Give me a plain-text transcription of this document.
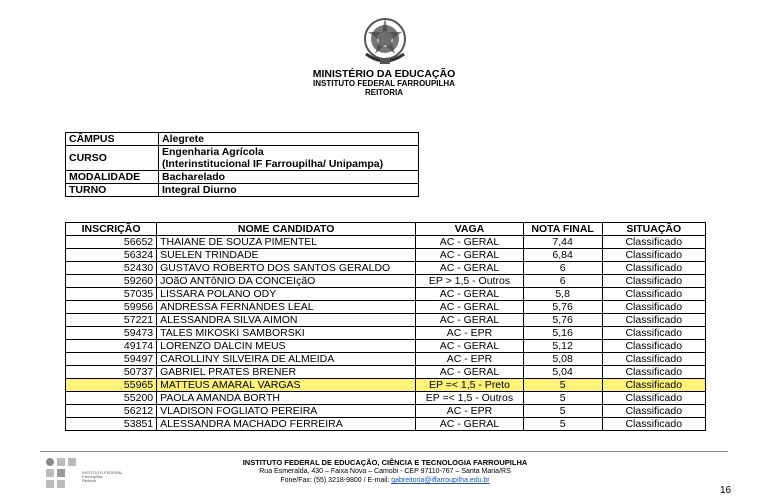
MINISTÉRIO DA EDUCAÇÃO
INSTITUTO FEDERAL FARROUPILHA
REITORIA
CÂMPUS	Alegrete
CURSO	Engenharia Agrícola
(Interinstitucional IF Farroupilha/ Unipampa)

MODALIDADE	Bacharelado
TURNO	Integral Diurno
INSCRIÇÃO	NOME CANDIDATO	VAGA	NOTA FINAL	SITUAÇÃO
56652	THAIANE DE SOUZA PIMENTEL	AC - GERAL	7,44	Classificado
56324	SUELEN TRINDADE	AC - GERAL	6,84	Classificado
52430	GUSTAVO ROBERTO DOS SANTOS GERALDO	AC - GERAL	6	Classificado
59260	JOãO ANTôNIO DA CONCEIçãO	EP > 1,5 - Outros	6	Classificado
57035	LISSARA POLANO ODY	AC - GERAL	5,8	Classificado
59956	ANDRESSA FERNANDES LEAL	AC - GERAL	5,76	Classificado
57221	ALESSANDRA SILVA AIMON	AC - GERAL	5,76	Classificado
59473	TALES MIKOSKI SAMBORSKI	AC - EPR	5,16	Classificado
49174	LORENZO DALCIN MEUS	AC - GERAL	5,12	Classificado
59497	CAROLLINY SILVEIRA DE ALMEIDA	AC - EPR	5,08	Classificado
50737	GABRIEL PRATES BRENER	AC - GERAL	5,04	Classificado
55965	MATTEUS AMARAL VARGAS	EP =< 1,5 - Preto	5	Classificado
55200	PAOLA AMANDA BORTH	EP =< 1,5 - Outros	5	Classificado
56212	VLADISON FOGLIATO PEREIRA	AC - EPR	5	Classificado
53851	ALESSANDRA MACHADO FERREIRA	AC - GERAL	5	Classificado
INSTITUTO FEDERAL
Farroupilha
Reitoria
INSTITUTO FEDERAL DE EDUCAÇÃO, CIÊNCIA E TECNOLOGIA FARROUPILHA
Rua Esmeralda, 430 – Faixa Nova – Camobi - CEP 97110-767 – Santa Maria/RS
Fone/Fax: (55) 3218-9800 / E-mail: gabreitoria@iffarroupilha.edu.br
16
